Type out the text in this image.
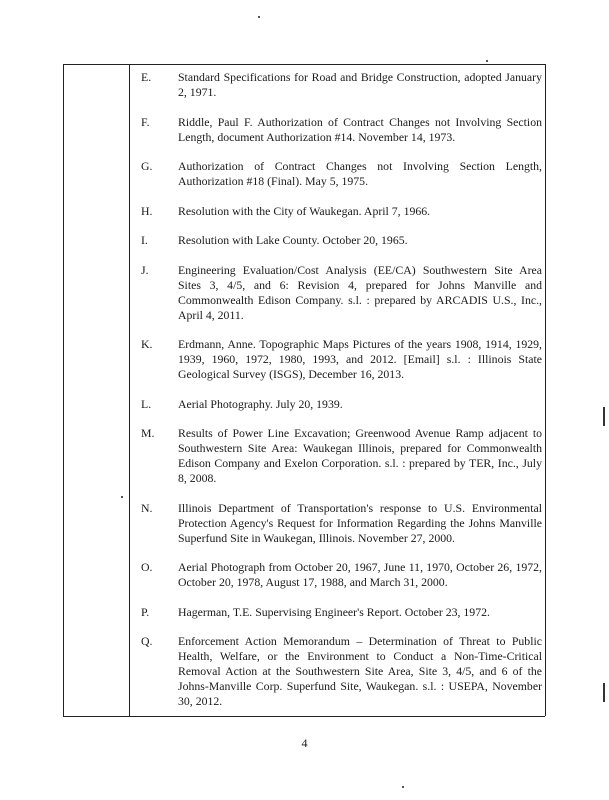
E. Standard Specifications for Road and Bridge Construction, adopted January 2, 1971.
F. Riddle, Paul F. Authorization of Contract Changes not Involving Section Length, document Authorization #14. November 14, 1973.
G. Authorization of Contract Changes not Involving Section Length, Authorization #18 (Final). May 5, 1975.
H. Resolution with the City of Waukegan. April 7, 1966.
I.	Resolution with Lake County. October 20, 1965.
J. Engineering Evaluation/Cost Analysis (EE/CA) Southwestern Site Area Sites 3, 4/5, and 6: Revision 4, prepared for Johns Manville and Commonwealth Edison Company. s.l. : prepared by ARCADIS U.S., Inc., April 4, 2011.
K. Erdmann, Anne. Topographic Maps Pictures of the years 1908, 1914, 1929, 1939, 1960, 1972, 1980, 1993, and 2012. [Email] s.l. : Illinois State Geological Survey (ISGS), December 16, 2013.
L. Aerial Photography. July 20, 1939.
M. Results of Power Line Excavation; Greenwood Avenue Ramp adjacent to Southwestern Site Area: Waukegan Illinois, prepared for Commonwealth Edison Company and Exelon Corporation. s.l. : prepared by TER, Inc., July 8, 2008.
N. Illinois Department of Transportation's response to U.S. Environmental Protection Agency's Request for Information Regarding the Johns Manville Superfund Site in Waukegan, Illinois. November 27, 2000.
O. Aerial Photograph from October 20, 1967, June 11, 1970, October 26, 1972, October 20, 1978, August 17, 1988, and March 31, 2000.
P. Hagerman, T.E. Supervising Engineer's Report. October 23, 1972.
Q. Enforcement Action Memorandum – Determination of Threat to Public Health, Welfare, or the Environment to Conduct a Non-Time-Critical Removal Action at the Southwestern Site Area, Site 3, 4/5, and 6 of the Johns-Manville Corp. Superfund Site, Waukegan. s.l. : USEPA, November 30, 2012.
4
